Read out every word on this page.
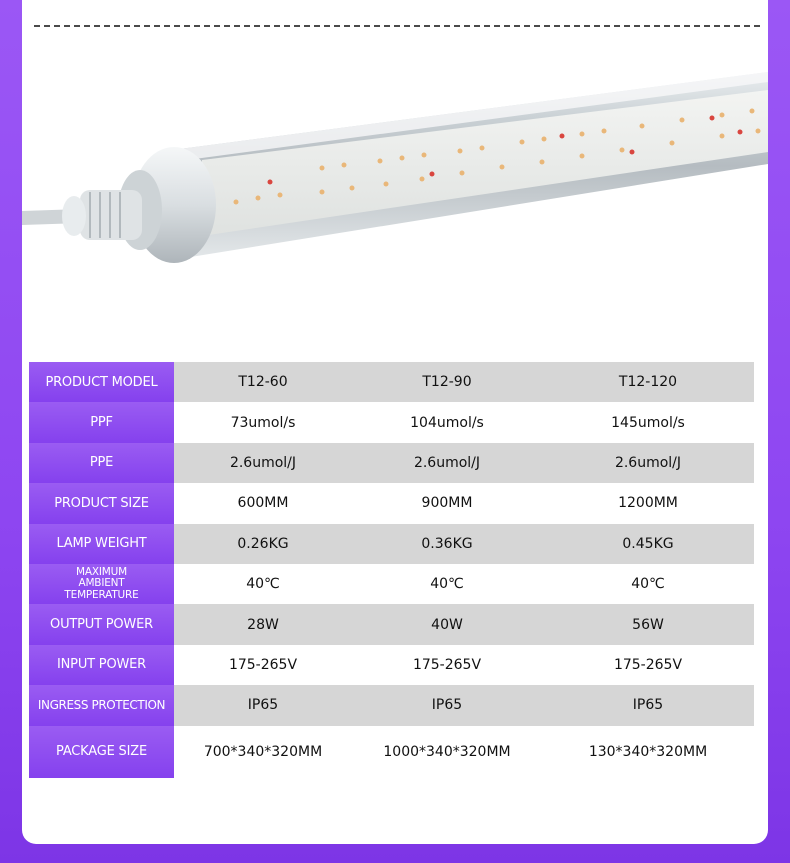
PRODUCT MODEL	T12-60	T12-90	T12-120
PPF	73umol/s	104umol/s	145umol/s
PPE	2.6umol/J	2.6umol/J	2.6umol/J
PRODUCT SIZE	600MM	900MM	1200MM
LAMP WEIGHT	0.26KG	0.36KG	0.45KG

MAXIMUM
AMBIENT
TEMPERATURE	40℃	40℃	40℃
OUTPUT POWER	28W	40W	56W
INPUT POWER	175-265V	175-265V	175-265V
INGRESS PROTECTION	IP65	IP65	IP65
PACKAGE SIZE	700*340*320MM	1000*340*320MM	130*340*320MM
